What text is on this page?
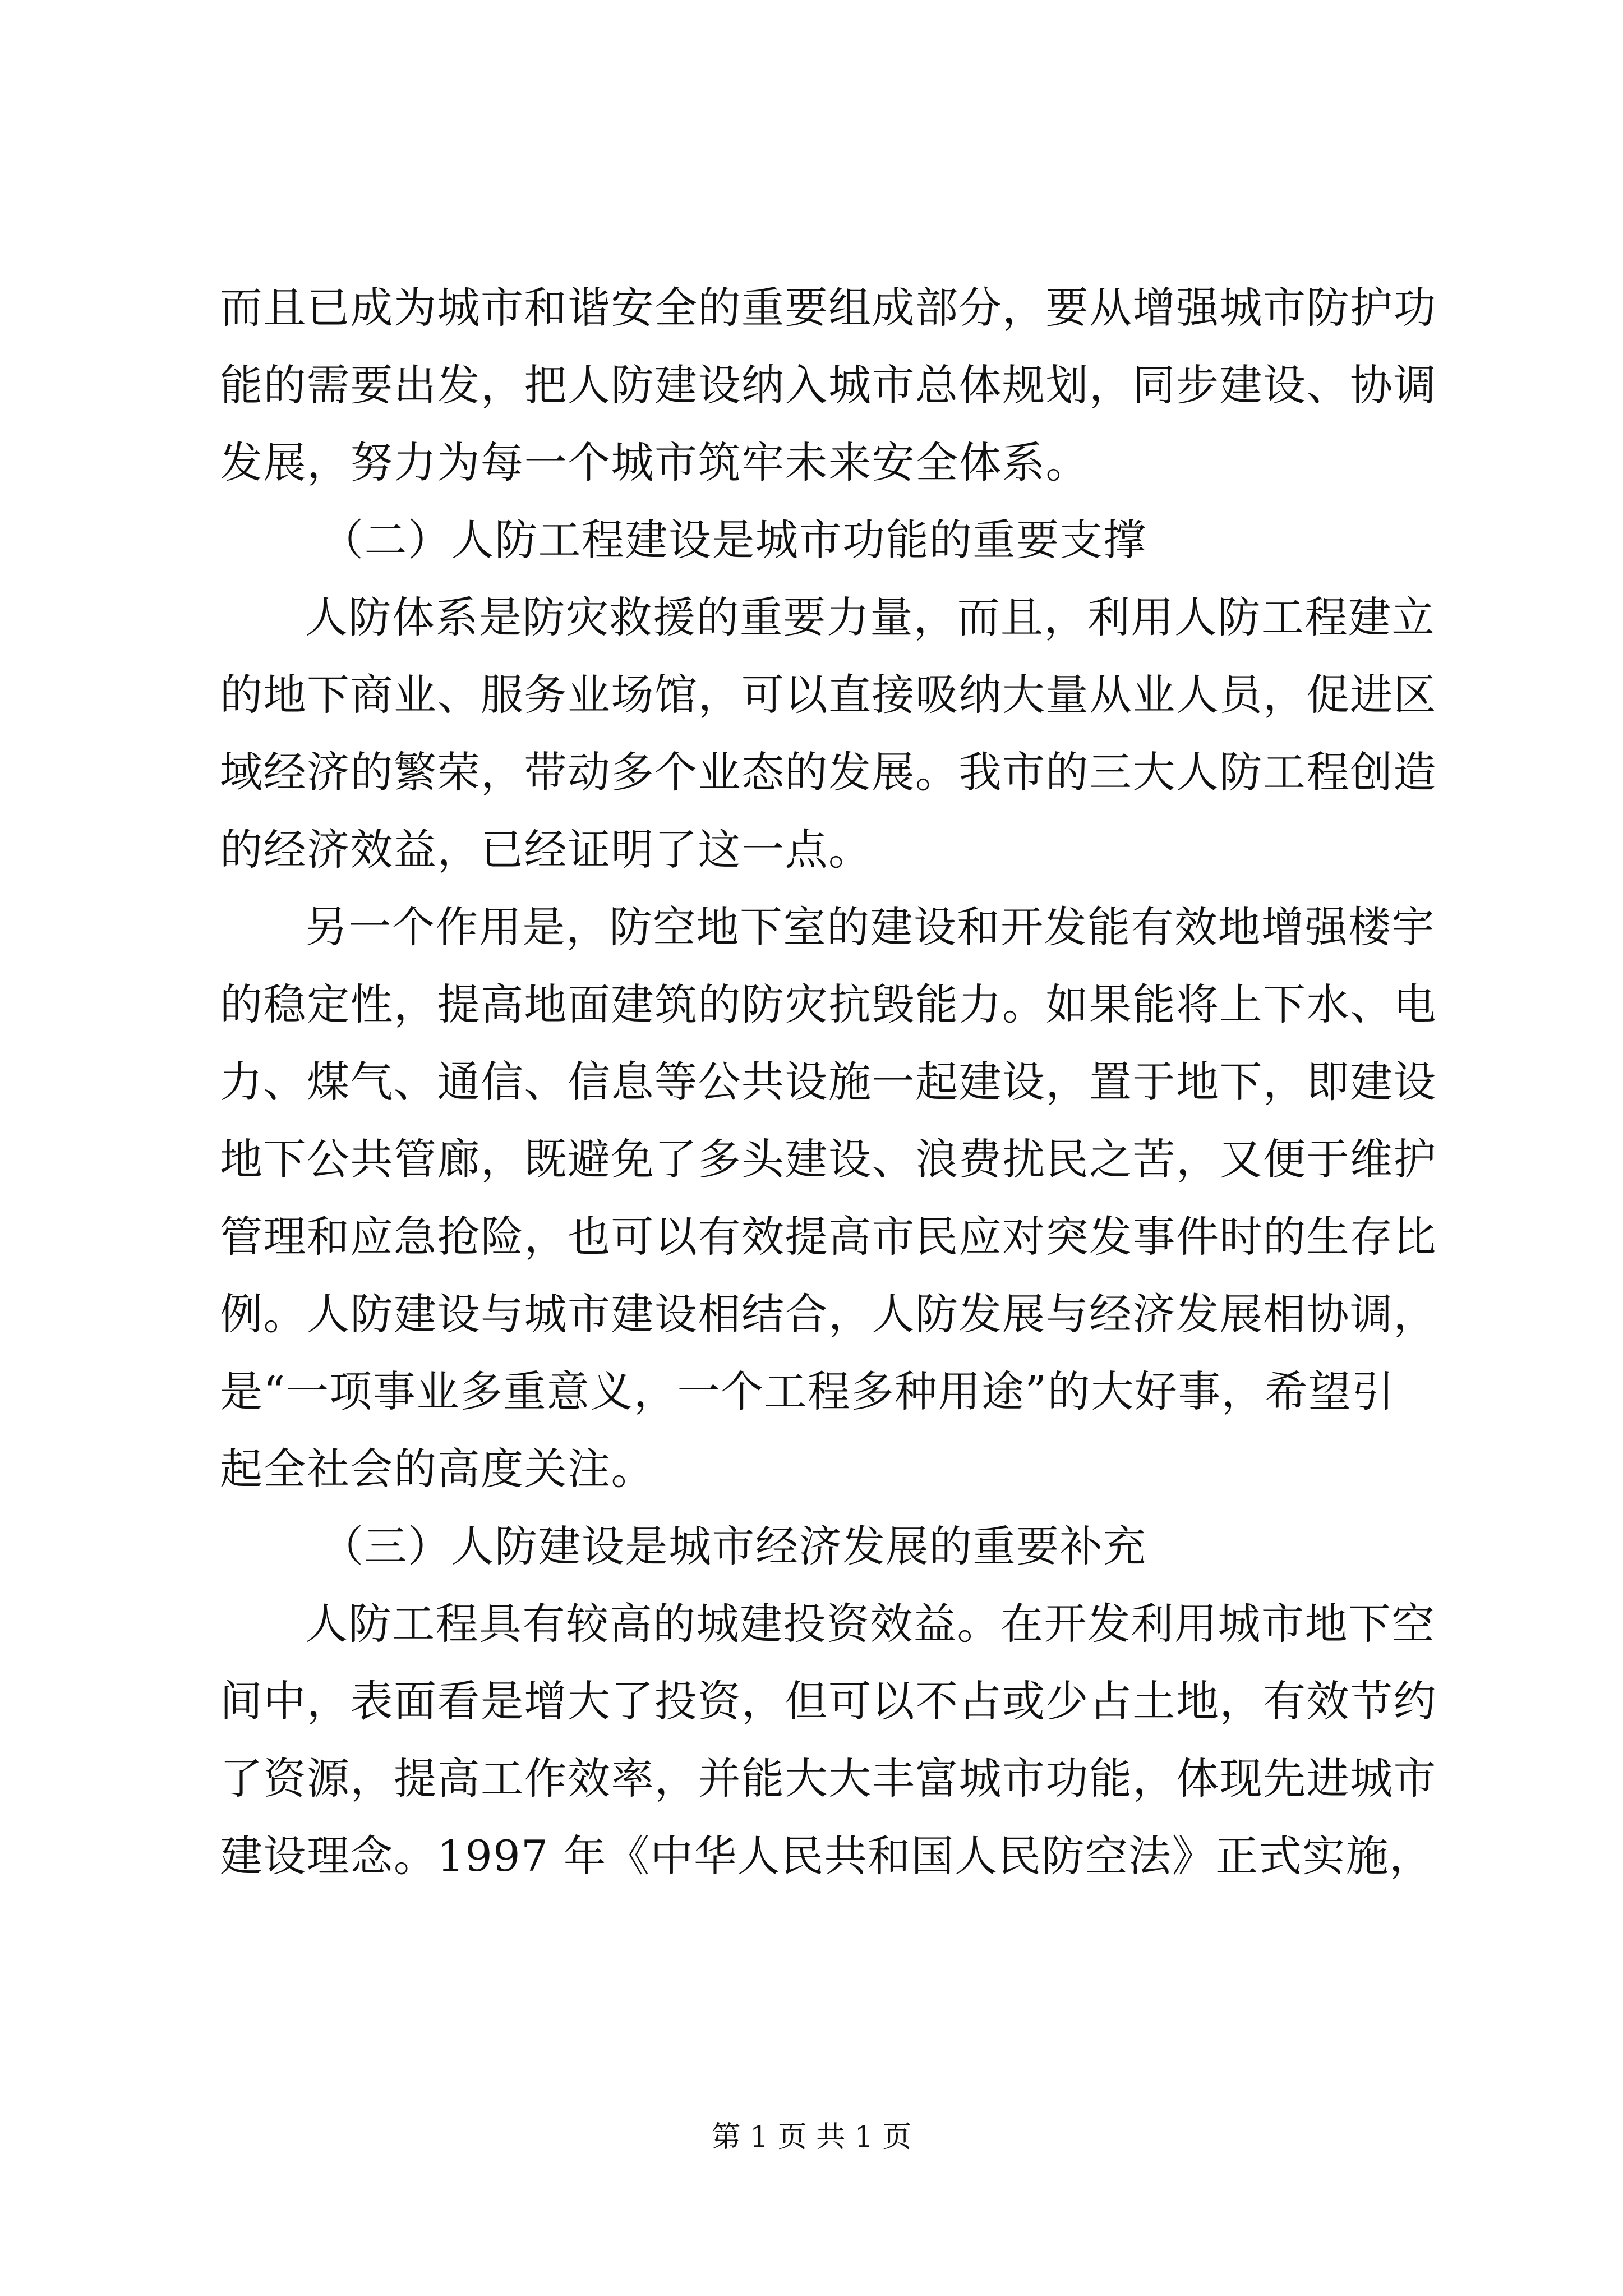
而且已成为城市和谐安全的重要组成部分，要从增强城市防护功
能的需要出发，把人防建设纳入城市总体规划，同步建设、协调
发展，努力为每一个城市筑牢未来安全体系。
（二）人防工程建设是城市功能的重要支撑
人防体系是防灾救援的重要力量，而且，利用人防工程建立
的地下商业、服务业场馆，可以直接吸纳大量从业人员，促进区
域经济的繁荣，带动多个业态的发展。我市的三大人防工程创造
的经济效益，已经证明了这一点。
另一个作用是，防空地下室的建设和开发能有效地增强楼宇
的稳定性，提高地面建筑的防灾抗毁能力。如果能将上下水、电
力、煤气、通信、信息等公共设施一起建设，置于地下，即建设
地下公共管廊，既避免了多头建设、浪费扰民之苦，又便于维护
管理和应急抢险，也可以有效提高市民应对突发事件时的生存比
例。人防建设与城市建设相结合，人防发展与经济发展相协调，
是“一项事业多重意义，一个工程多种用途”的大好事，希望引
起全社会的高度关注。
（三）人防建设是城市经济发展的重要补充
人防工程具有较高的城建投资效益。在开发利用城市地下空
间中，表面看是增大了投资，但可以不占或少占土地，有效节约
了资源，提高工作效率，并能大大丰富城市功能，体现先进城市
建设理念。1997 年《中华人民共和国人民防空法》正式实施，
第 1 页 共 1 页
